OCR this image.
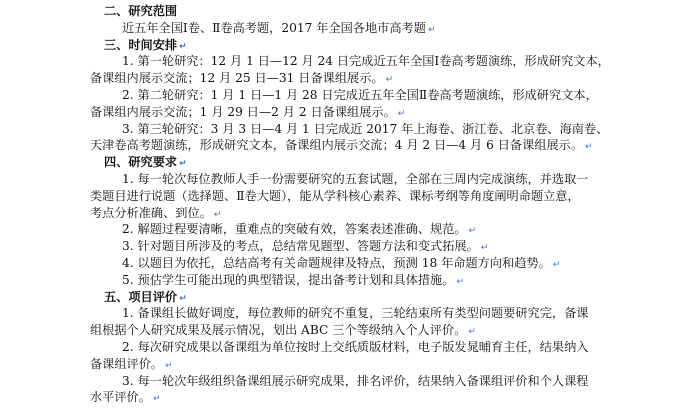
二、研究范围
近五年全国Ⅰ卷、Ⅱ卷高考题，2017 年全国各地市高考题 ↵
三、时间安排 ↵
1. 第一轮研究：12 月 1 日—12 月 24 日完成近五年全国Ⅰ卷高考题演练，形成研究文本，
备课组内展示交流；12 月 25 日—31 日备课组展示。 ↵
2. 第二轮研究：1 月 1 日—1 月 28 日完成近五年全国Ⅱ卷高考题演练，形成研究文本，
备课组内展示交流；1 月 29 日—2 月 2 日备课组展示。 ↵
3. 第三轮研究：3 月 3 日—4 月 1 日完成近 2017 年上海卷、浙江卷、北京卷、海南卷、
天津卷高考题演练，形成研究文本，备课组内展示交流；4 月 2 日—4 月 6 日备课组展示。 ↵
四、研究要求 ↵
1. 每一轮次每位教师人手一份需要研究的五套试题，全部在三周内完成演练，并选取一
类题目进行说题（选择题、Ⅱ卷大题），能从学科核心素养、课标考纲等角度阐明命题立意，
考点分析准确、到位。 ↵
2. 解题过程要清晰，重难点的突破有效，答案表述准确、规范。 ↵
3. 针对题目所涉及的考点，总结常见题型、答题方法和变式拓展。 ↵
4. 以题目为依托，总结高考有关命题规律及特点，预测 18 年命题方向和趋势。 ↵
5. 预估学生可能出现的典型错误，提出备考计划和具体措施。 ↵
五、项目评价 ↵
1. 备课组长做好调度，每位教师的研究不重复，三轮结束所有类型问题要研究完，备课
组根据个人研究成果及展示情况，划出 ABC 三个等级纳入个人评价。 ↵
2. 每次研究成果以备课组为单位按时上交纸质版材料，电子版发晁晡育主任，结果纳入
备课组评价。 ↵
3. 每一轮次年级组织备课组展示研究成果，排名评价，结果纳入备课组评价和个人课程
水平评价。 ↵
